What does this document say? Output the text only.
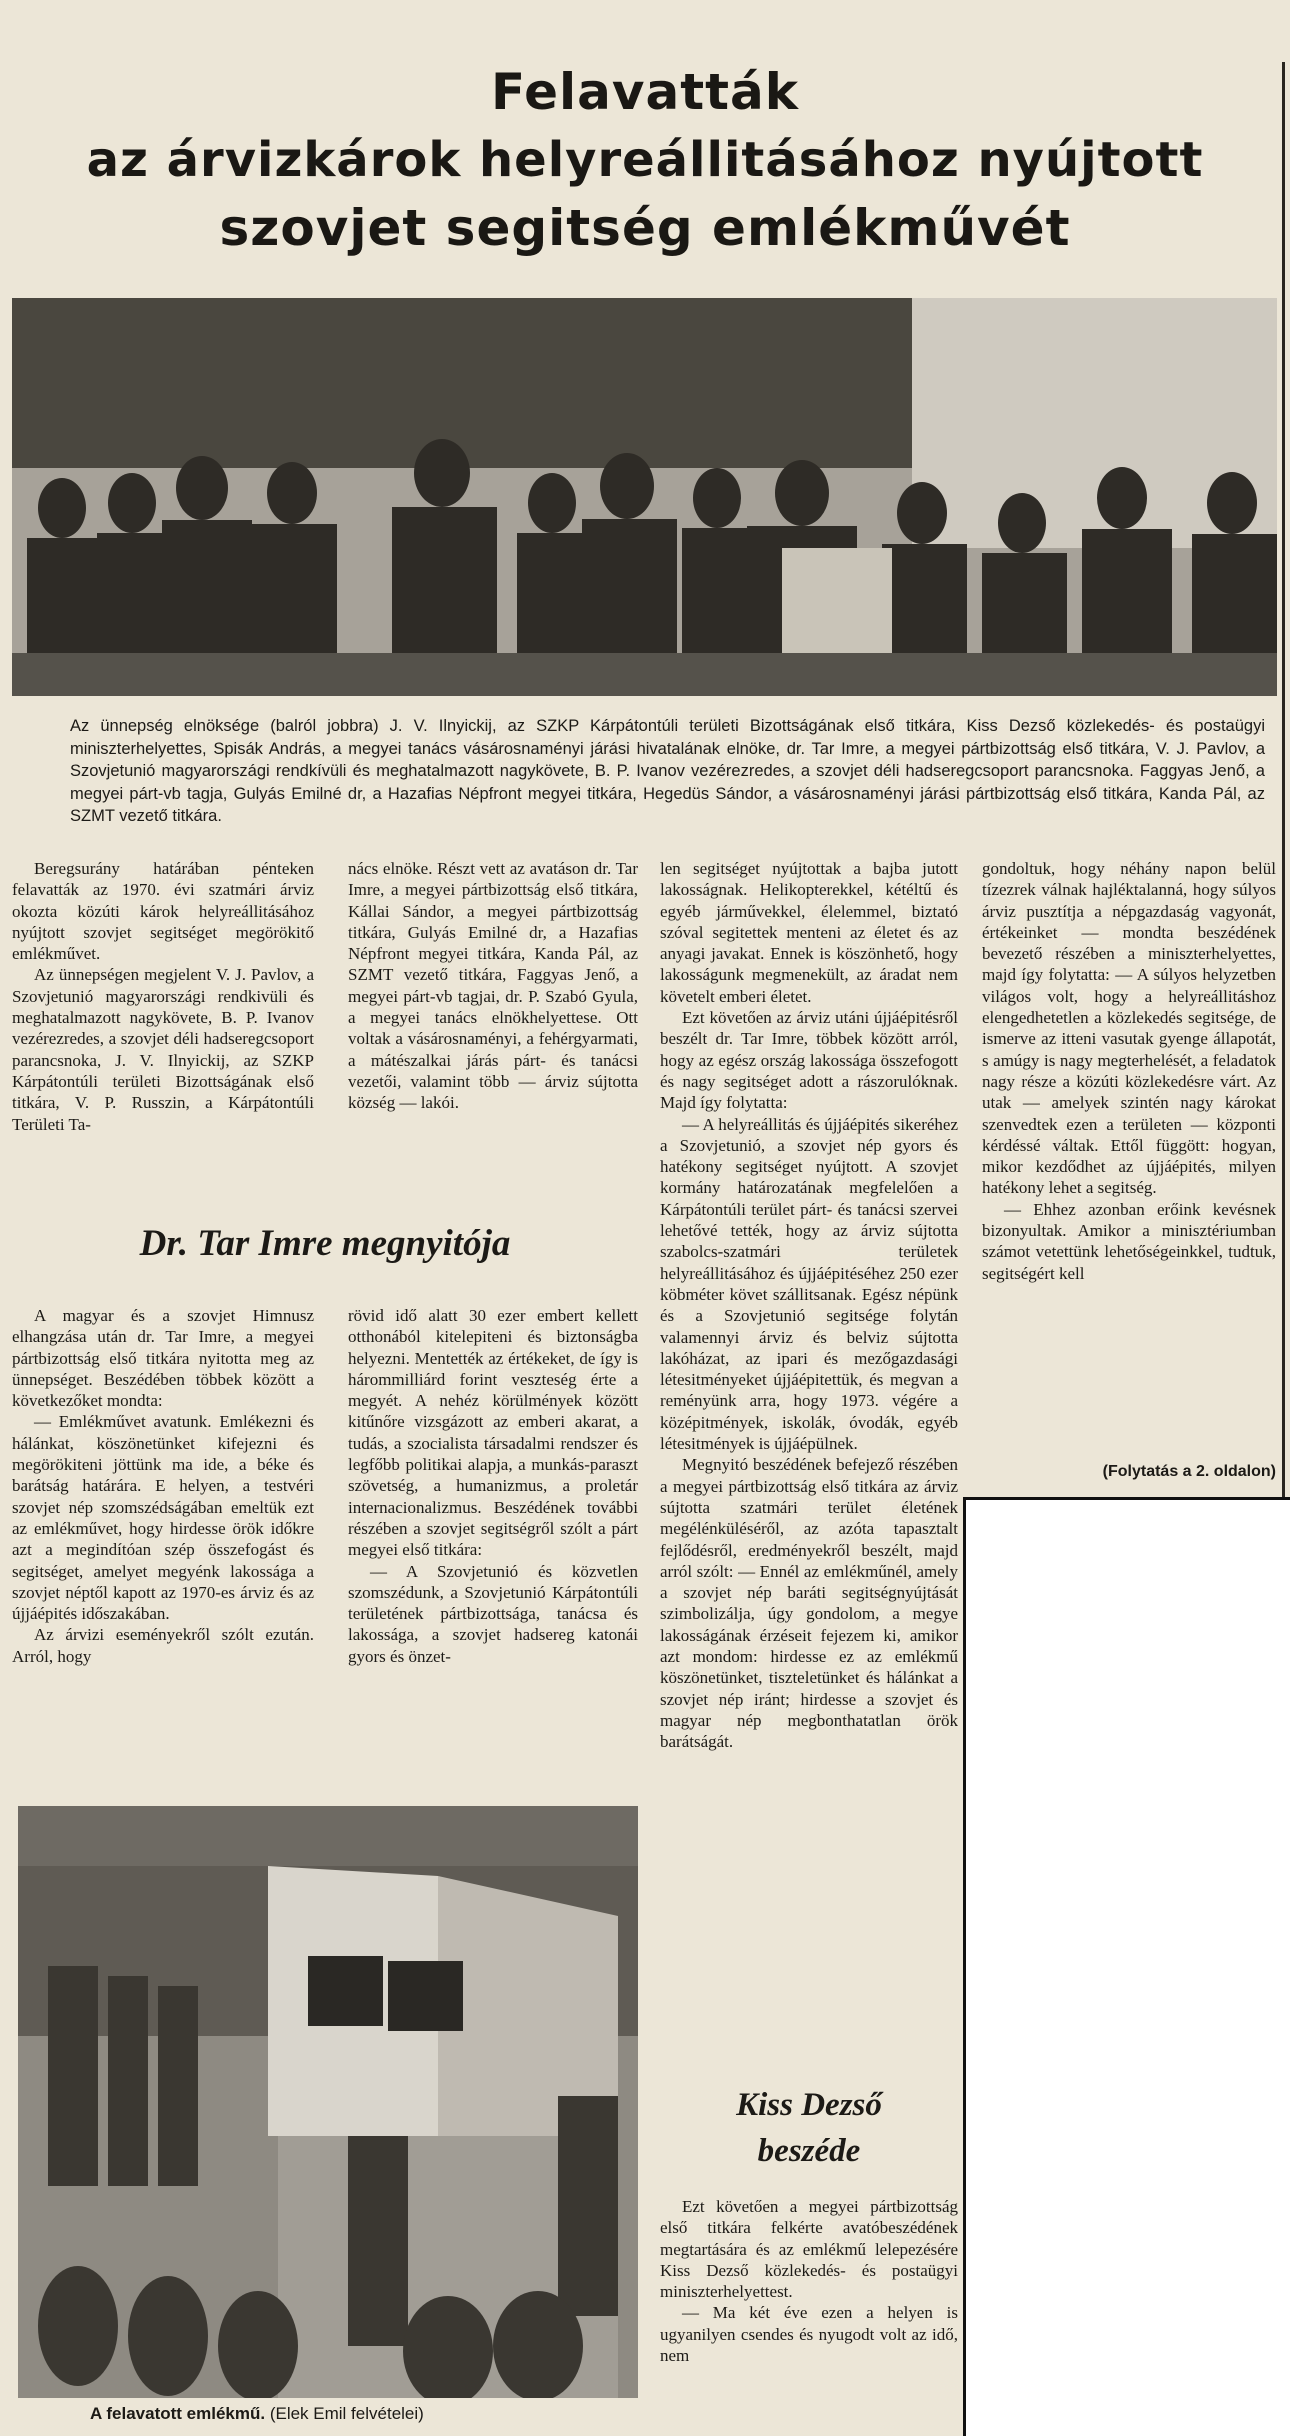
Felavatták
az árvizkárok helyreállitásához nyújtott
szovjet segitség emlékművét
Az ünnepség elnöksége (balról jobbra) J. V. Ilnyickij, az SZKP Kárpátontúli területi Bizottságának első titkára, Kiss Dezső közlekedés- és postaügyi miniszterhelyettes, Spisák András, a megyei tanács vásárosnaményi járási hivatalának elnöke, dr. Tar Imre, a megyei pártbizottság első titkára, V. J. Pavlov, a Szovjetunió magyarországi rendkívüli és meghatalmazott nagykövete, B. P. Ivanov vezérezredes, a szovjet déli hadseregcsoport parancsnoka. Faggyas Jenő, a megyei párt-vb tagja, Gulyás Emilné dr, a Hazafias Népfront megyei titkára, Hegedüs Sándor, a vásárosnaményi járási pártbizottság első titkára, Kanda Pál, az SZMT vezető titkára.

Beregsurány határában pénteken felavatták az 1970. évi szatmári árviz okozta közúti károk helyreállitásához nyújtott szovjet segitséget megörökitő emlékművet.

Az ünnepségen megjelent V. J. Pavlov, a Szovjetunió magyarországi rendkivüli és meghatalmazott nagykövete, B. P. Ivanov vezérezredes, a szovjet déli hadseregcsoport parancsnoka, J. V. Ilnyickij, az SZKP Kárpátontúli területi Bizottságának első titkára, V. P. Russzin, a Kárpátontúli Területi Ta-

nács elnöke. Részt vett az avatáson dr. Tar Imre, a megyei pártbizottság első titkára, Kállai Sándor, a megyei pártbizottság titkára, Gulyás Emilné dr, a Hazafias Népfront megyei titkára, Kanda Pál, az SZMT vezető titkára, Faggyas Jenő, a megyei párt-vb tagjai, dr. P. Szabó Gyula, a megyei tanács elnökhelyettese. Ott voltak a vásárosnaményi, a fehérgyarmati, a mátészalkai járás párt- és tanácsi vezetői, valamint több — árviz sújtotta község — lakói.

Dr. Tar Imre megnyitója

A magyar és a szovjet Himnusz elhangzása után dr. Tar Imre, a megyei pártbizottság első titkára nyitotta meg az ünnepséget. Beszédében többek között a következőket mondta:

— Emlékművet avatunk. Emlékezni és hálánkat, köszönetünket kifejezni és megörökiteni jöttünk ma ide, a béke és barátság határára. E helyen, a testvéri szovjet nép szomszédságában emeltük ezt az emlékművet, hogy hirdesse örök időkre azt a megindítóan szép összefogást és segitséget, amelyet megyénk lakossága a szovjet néptől kapott az 1970-es árviz és az újjáépités időszakában.

Az árvizi eseményekről szólt ezután. Arról, hogy

rövid idő alatt 30 ezer embert kellett otthonából kitelepiteni és biztonságba helyezni. Mentették az értékeket, de így is hárommilliárd forint veszteség érte a megyét. A nehéz körülmények között kitűnőre vizsgázott az emberi akarat, a tudás, a szocialista társadalmi rendszer és legfőbb politikai alapja, a munkás-paraszt szövetség, a humanizmus, a proletár internacionalizmus. Beszédének további részében a szovjet segitségről szólt a párt megyei első titkára:

— A Szovjetunió és közvetlen szomszédunk, a Szovjetunió Kárpátontúli területének pártbizottsága, tanácsa és lakossága, a szovjet hadsereg katonái gyors és önzet-

A felavatott emlékmű. (Elek Emil felvételei)

len segitséget nyújtottak a bajba jutott lakosságnak. Helikopterekkel, kétéltű és egyéb járművekkel, élelemmel, biztató szóval segitettek menteni az életet és az anyagi javakat. Ennek is köszönhető, hogy lakosságunk megmenekült, az áradat nem követelt emberi életet.

Ezt követően az árviz utáni újjáépitésről beszélt dr. Tar Imre, többek között arról, hogy az egész ország lakossága összefogott és nagy segitséget adott a rászorulóknak. Majd így folytatta:

— A helyreállitás és újjáépités sikeréhez a Szovjetunió, a szovjet nép gyors és hatékony segitséget nyújtott. A szovjet kormány határozatának megfelelően a Kárpátontúli terület párt- és tanácsi szervei lehetővé tették, hogy az árviz sújtotta szabolcs-szatmári területek helyreállitásához és újjáépitéséhez 250 ezer köbméter követ szállitsanak. Egész népünk és a Szovjetunió segitsége folytán valamennyi árviz és belviz sújtotta lakóházat, az ipari és mezőgazdasági létesitményeket újjáépitettük, és megvan a reményünk arra, hogy 1973. végére a középitmények, iskolák, óvodák, egyéb létesitmények is újjáépülnek.

Megnyitó beszédének befejező részében a megyei pártbizottság első titkára az árviz sújtotta szatmári terület életének megélénküléséről, az azóta tapasztalt fejlődésről, eredményekről beszélt, majd arról szólt: — Ennél az emlékműnél, amely a szovjet nép baráti segitségnyújtását szimbolizálja, úgy gondolom, a megye lakosságának érzéseit fejezem ki, amikor azt mondom: hirdesse ez az emlékmű köszönetünket, tiszteletünket és hálánkat a szovjet nép iránt; hirdesse a szovjet és magyar nép megbonthatatlan örök barátságát.

Kiss Dezső
beszéde

Ezt követően a megyei pártbizottság első titkára felkérte avatóbeszédének megtartására és az emlékmű lelepezésére Kiss Dezső közlekedés- és postaügyi miniszterhelyettest.

— Ma két éve ezen a helyen is ugyanilyen csendes és nyugodt volt az idő, nem

gondoltuk, hogy néhány napon belül tízezrek válnak hajléktalanná, hogy súlyos árviz pusztítja a népgazdaság vagyonát, értékeinket — mondta beszédének bevezető részében a miniszterhelyettes, majd így folytatta: — A súlyos helyzetben világos volt, hogy a helyreállitáshoz elengedhetetlen a közlekedés segitsége, de ismerve az itteni vasutak gyenge állapotát, s amúgy is nagy megterhelését, a feladatok nagy része a közúti közlekedésre várt. Az utak — amelyek szintén nagy károkat szenvedtek ezen a területen — központi kérdéssé váltak. Ettől függött: hogyan, mikor kezdődhet az újjáépités, milyen hatékony lehet a segitség.

— Ehhez azonban erőink kevésnek bizonyultak. Amikor a minisztériumban számot vetettünk lehetőségeinkkel, tudtuk, segitségért kell

(Folytatás a 2. oldalon)
